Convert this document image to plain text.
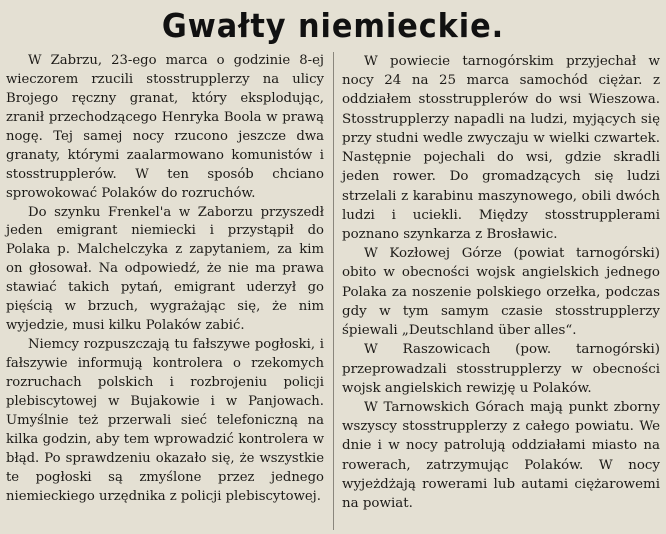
Gwałty niemieckie.

W Zabrzu, 23-ego marca o godzinie 8-ej wieczorem rzucili stosstrupplerzy na ulicy Brojego ręczny granat, który eksplodując, zranił przechodzącego Henryka Boola w prawą nogę. Tej samej nocy rzucono jeszcze dwa granaty, którymi zaalarmowano komunistów i stosstrupplerów. W ten sposób chciano sprowokować Polaków do rozruchów.

Do szynku Frenkel'a w Zaborzu przyszedł jeden emigrant niemiecki i przystąpił do Polaka p. Malchelczyka z zapytaniem, za kim on głosował. Na odpowiedź, że nie ma prawa stawiać takich pytań, emigrant uderzył go pięścią w brzuch, wygrażając się, że nim wyjedzie, musi kilku Polaków zabić.

Niemcy rozpuszczają tu fałszywe pogłoski, i fałszywie informują kontrolera o rzekomych rozruchach polskich i rozbrojeniu policji plebiscytowej w Bujakowie i w Panjowach. Umyślnie też przerwali sieć telefoniczną na kilka godzin, aby tem wprowadzić kontrolera w błąd. Po sprawdzeniu okazało się, że wszystkie te pogłoski są zmyślone przez jednego niemieckiego urzędnika z policji plebiscytowej.

W powiecie tarnogórskim przyjechał w nocy 24 na 25 marca samochód ciężar. z oddziałem stosstrupplerów do wsi Wieszowa. Stosstrupplerzy napadli na ludzi, myjących się przy studni wedle zwyczaju w wielki czwartek. Następnie pojechali do wsi, gdzie skradli jeden rower. Do gromadzących się ludzi strzelali z karabinu maszynowego, obili dwóch ludzi i uciekli. Między stosstrupplerami poznano szynkarza z Brosławic.

W Kozłowej Górze (powiat tarnogórski) obito w obecności wojsk angielskich jednego Polaka za noszenie polskiego orzełka, podczas gdy w tym samym czasie stosstrupplerzy śpiewali „Deutschland über alles“.

W Raszowicach (pow. tarnogórski) przeprowadzali stosstrupplerzy w obecności wojsk angielskich rewizję u Polaków.

W Tarnowskich Górach mają punkt zborny wszyscy stosstrupplerzy z całego powiatu. We dnie i w nocy patrolują oddziałami miasto na rowerach, zatrzymując Polaków. W nocy wyjeżdżają rowerami lub autami ciężarowemi na powiat.
